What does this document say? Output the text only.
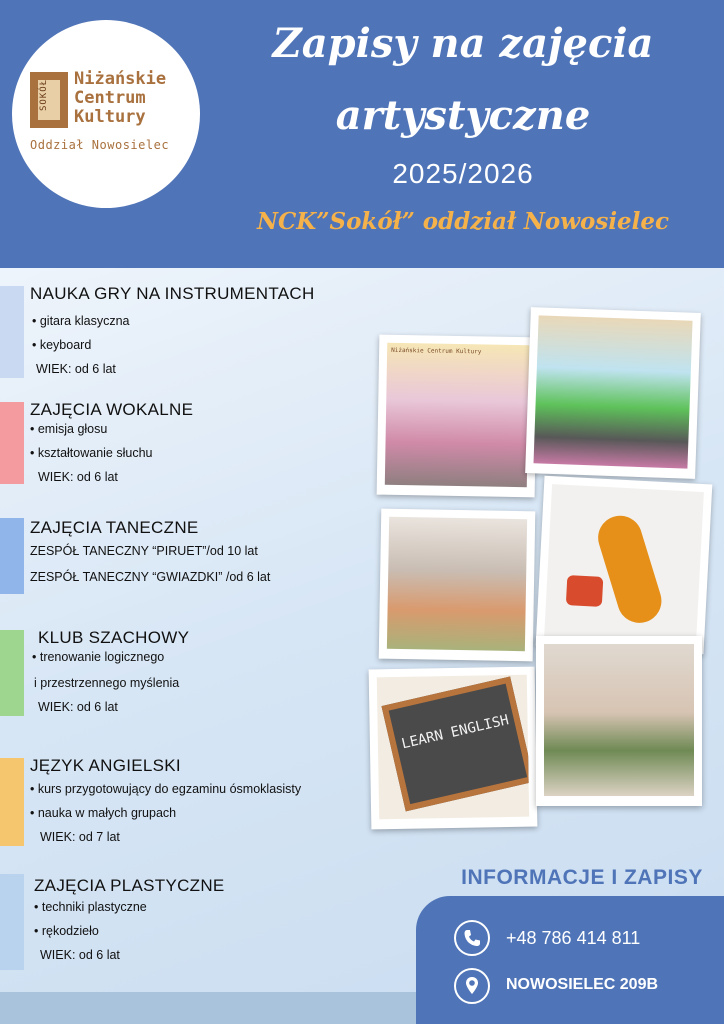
SOKÓŁ Niżańskie
Centrum
Kultury
Oddział Nowosielec
Zapisy na zajęcia
artystyczne
2025/2026
NCK”Sokół” oddział Nowosielec
NAUKA GRY NA INSTRUMENTACH
• gitara klasyczna
• keyboard
WIEK: od 6 lat
ZAJĘCIA WOKALNE
• emisja głosu
• kształtowanie słuchu
WIEK: od 6 lat
ZAJĘCIA TANECZNE
ZESPÓŁ TANECZNY “PIRUET”/od 10 lat
ZESPÓŁ TANECZNY “GWIAZDKI” /od 6 lat
KLUB SZACHOWY
• trenowanie logicznego
i przestrzennego myślenia
WIEK: od 6 lat
JĘZYK ANGIELSKI
• kurs przygotowujący do egzaminu ósmoklasisty
• nauka w małych grupach
WIEK: od 7 lat
ZAJĘCIA PLASTYCZNE
• techniki plastyczne
• rękodzieło
WIEK: od 6 lat
Niżańskie Centrum Kultury
LEARN ENGLISH
INFORMACJE I ZAPISY
+48 786 414 811
NOWOSIELEC 209B
